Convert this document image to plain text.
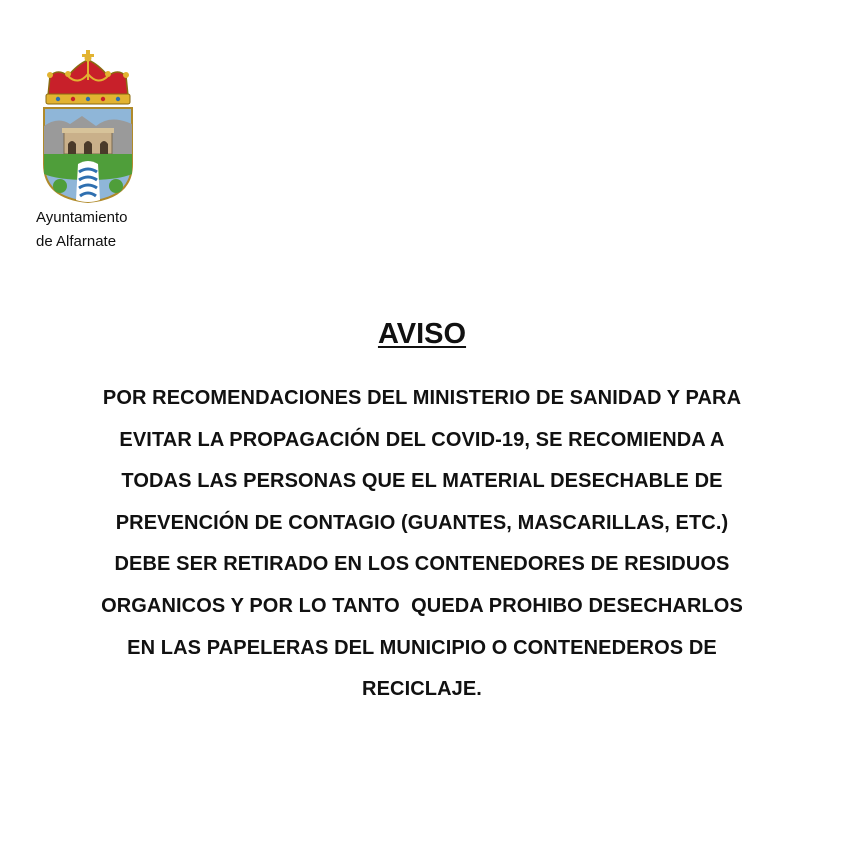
Ayuntamiento
de Alfarnate
AVISO
POR RECOMENDACIONES DEL MINISTERIO DE SANIDAD Y PARA
EVITAR LA PROPAGACIÓN DEL COVID-19, SE RECOMIENDA A
TODAS LAS PERSONAS QUE EL MATERIAL DESECHABLE DE
PREVENCIÓN DE CONTAGIO (GUANTES, MASCARILLAS, ETC.)
DEBE SER RETIRADO EN LOS CONTENEDORES DE RESIDUOS
ORGANICOS Y POR LO TANTO  QUEDA PROHIBO DESECHARLOS
EN LAS PAPELERAS DEL MUNICIPIO O CONTENEDEROS DE
RECICLAJE.
